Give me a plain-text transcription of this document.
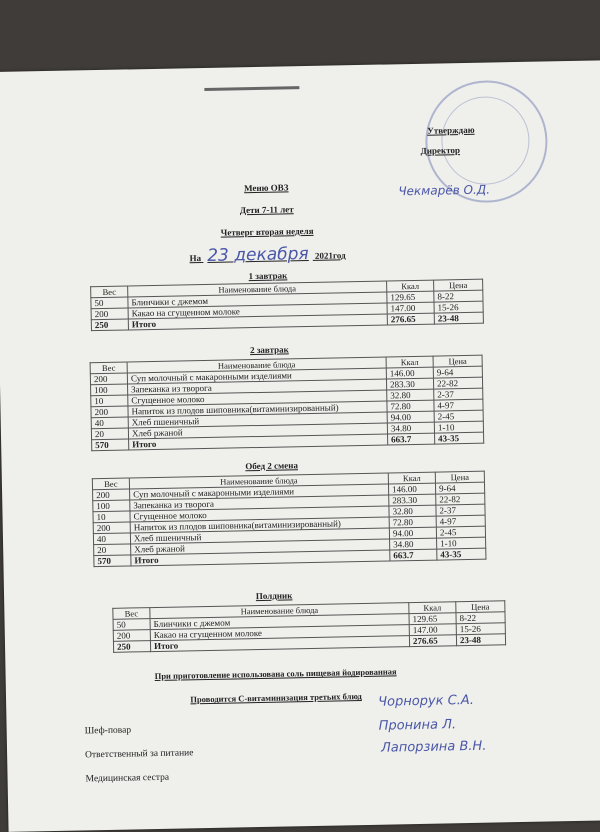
Утверждаю
Директор
Чекмарёв О.Д.
Меню ОВЗ
Дети 7-11 лет
Четверг вторая неделя
На 23 декабря 2021год
1 завтрак
Вес	Наименование блюда	Ккал	Цена
50	Блинчики с джемом	129.65	8-22
200	Какао на сгущенном молоке	147.00	15-26
250	Итого	276.65	23-48
2 завтрак
Вес	Наименование блюда	Ккал	Цена
200	Суп молочный с макаронными изделиями	146.00	9-64
100	Запеканка из творога	283.30	22-82
10	Сгущенное молоко	32.80	2-37
200	Напиток из плодов шиповника(витаминизированный)	72.80	4-97
40	Хлеб пшеничный	94.00	2-45
20	Хлеб ржаной	34.80	1-10
570	Итого	663.7	43-35
Обед 2 смена
Вес	Наименование блюда	Ккал	Цена
200	Суп молочный с макаронными изделиями	146.00	9-64
100	Запеканка из творога	283.30	22-82
10	Сгущенное молоко	32.80	2-37
200	Напиток из плодов шиповника(витаминизированный)	72.80	4-97
40	Хлеб пшеничный	94.00	2-45
20	Хлеб ржаной	34.80	1-10
570	Итого	663.7	43-35
Полдник
Вес	Наименование блюда	Ккал	Цена
50	Блинчики с джемом	129.65	8-22
200	Какао на сгущенном молоке	147.00	15-26
250	Итого	276.65	23-48
При приготовление использована соль пищевая йодированная
Проводится С-витаминизация третьих блюд
Шеф-повар
Чорнорук С.А.
Ответственный за питание
Пронина Л.
Медицинская сестра
Лапорзина В.Н.
